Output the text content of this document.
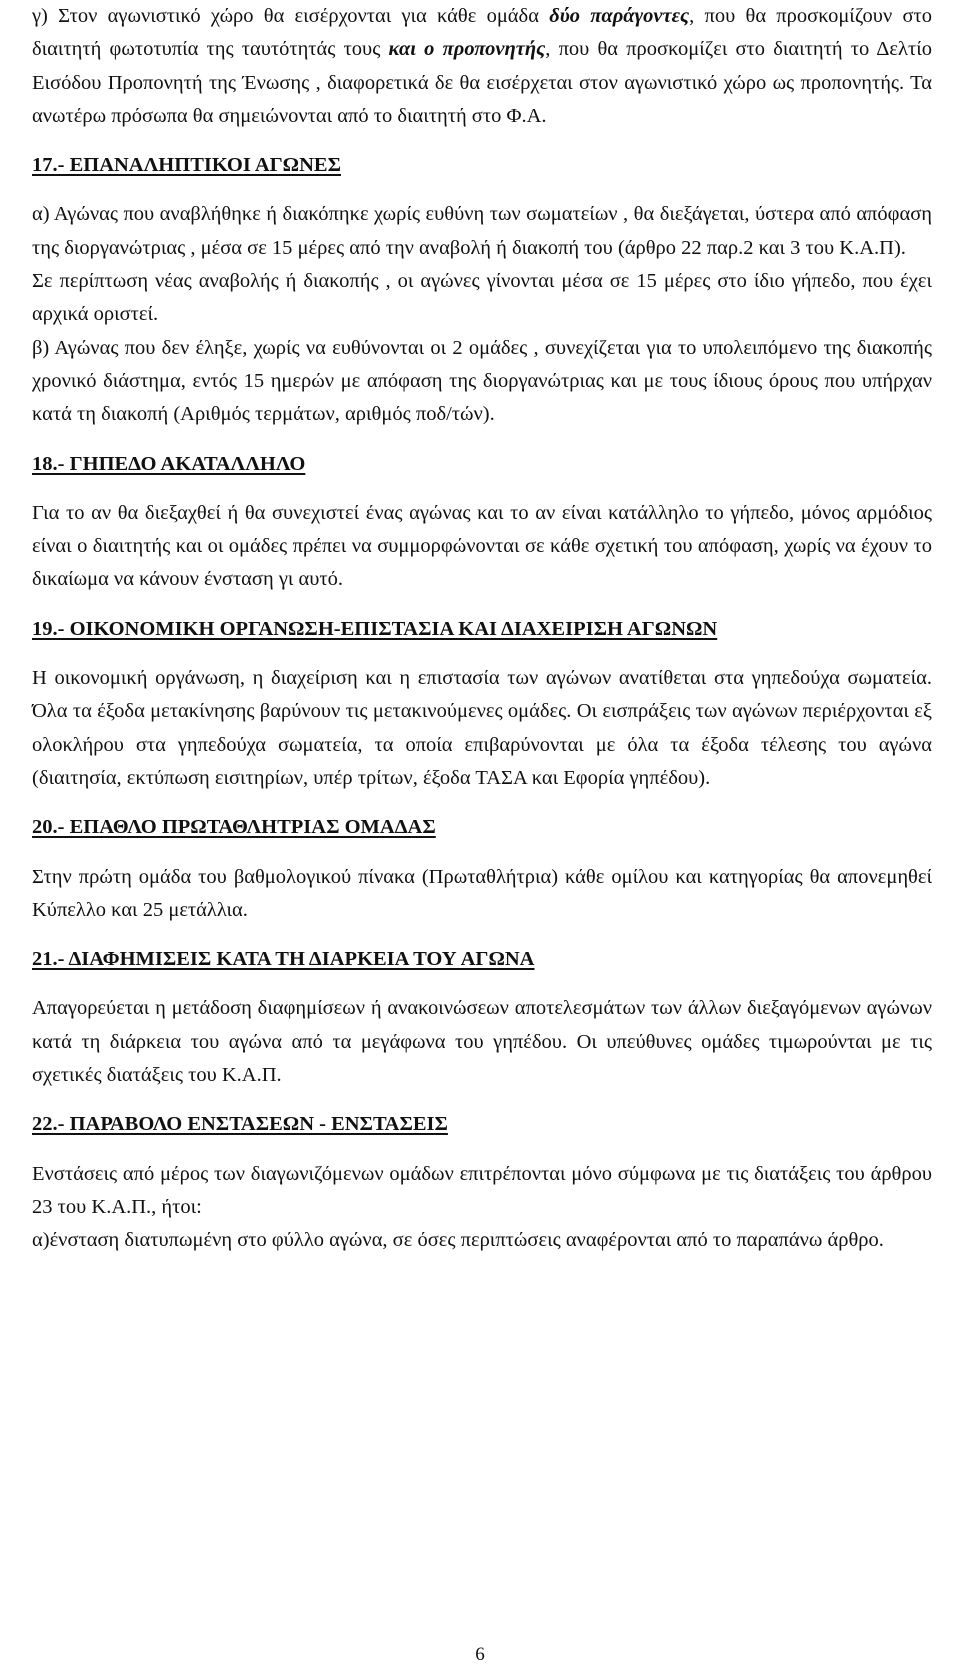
γ) Στον αγωνιστικό χώρο θα εισέρχονται για κάθε ομάδα δύο παράγοντες, που θα προσκομίζουν στο διαιτητή φωτοτυπία της ταυτότητάς τους και ο προπονητής, που θα προσκομίζει στο διαιτητή το Δελτίο Εισόδου Προπονητή της Ένωσης , διαφορετικά δε θα εισέρχεται στον αγωνιστικό χώρο ως προπονητής. Τα ανωτέρω πρόσωπα θα σημειώνονται από το διαιτητή στο Φ.Α.

17.- ΕΠΑΝΑΛΗΠΤΙΚΟΙ ΑΓΩΝΕΣ

α) Αγώνας που αναβλήθηκε ή διακόπηκε χωρίς ευθύνη των σωματείων , θα διεξάγεται, ύστερα από απόφαση της διοργανώτριας , μέσα σε 15 μέρες από την αναβολή ή διακοπή του (άρθρο 22 παρ.2 και 3 του Κ.Α.Π).

Σε περίπτωση νέας αναβολής ή διακοπής , οι αγώνες γίνονται μέσα σε 15 μέρες στο ίδιο γήπεδο, που έχει αρχικά οριστεί.

β) Αγώνας που δεν έληξε, χωρίς να ευθύνονται οι 2 ομάδες , συνεχίζεται για το υπολειπόμενο της διακοπής χρονικό διάστημα, εντός 15 ημερών με απόφαση της διοργανώτριας και με τους ίδιους όρους που υπήρχαν κατά τη διακοπή (Αριθμός τερμάτων, αριθμός ποδ/τών).

18.- ΓΗΠΕΔΟ ΑΚΑΤΑΛΛΗΛΟ

Για το αν θα διεξαχθεί ή θα συνεχιστεί ένας αγώνας και το αν είναι κατάλληλο το γήπεδο, μόνος αρμόδιος είναι ο διαιτητής και οι ομάδες πρέπει να συμμορφώνονται σε κάθε σχετική του απόφαση, χωρίς να έχουν το δικαίωμα να κάνουν ένσταση γι αυτό.

19.- ΟΙΚΟΝΟΜΙΚΗ ΟΡΓΑΝΩΣΗ-ΕΠΙΣΤΑΣΙΑ ΚΑΙ ΔΙΑΧΕΙΡΙΣΗ ΑΓΩΝΩΝ

Η οικονομική οργάνωση, η διαχείριση και η επιστασία των αγώνων ανατίθεται στα γηπεδούχα σωματεία. Όλα τα έξοδα μετακίνησης βαρύνουν τις μετακινούμενες ομάδες. Οι εισπράξεις των αγώνων περιέρχονται εξ ολοκλήρου στα γηπεδούχα σωματεία, τα οποία επιβαρύνονται με όλα τα έξοδα τέλεσης του αγώνα (διαιτησία, εκτύπωση εισιτηρίων, υπέρ τρίτων, έξοδα ΤΑΣΑ και Εφορία γηπέδου).

20.- ΕΠΑΘΛΟ ΠΡΩΤΑΘΛΗΤΡΙΑΣ ΟΜΑΔΑΣ

Στην πρώτη ομάδα του βαθμολογικού πίνακα (Πρωταθλήτρια) κάθε ομίλου και κατηγορίας θα απονεμηθεί Κύπελλο και 25 μετάλλια.

21.- ΔΙΑΦΗΜΙΣΕΙΣ ΚΑΤΑ ΤΗ ΔΙΑΡΚΕΙΑ ΤΟΥ ΑΓΩΝΑ

Απαγορεύεται η μετάδοση διαφημίσεων ή ανακοινώσεων αποτελεσμάτων των άλλων διεξαγόμενων αγώνων κατά τη διάρκεια του αγώνα από τα μεγάφωνα του γηπέδου. Οι υπεύθυνες ομάδες τιμωρούνται με τις σχετικές διατάξεις του Κ.Α.Π.

22.- ΠΑΡΑΒΟΛΟ ΕΝΣΤΑΣΕΩΝ - ΕΝΣΤΑΣΕΙΣ

Ενστάσεις από μέρος των διαγωνιζόμενων ομάδων επιτρέπονται μόνο σύμφωνα με τις διατάξεις του άρθρου 23 του Κ.Α.Π., ήτοι:

α)ένσταση διατυπωμένη στο φύλλο αγώνα, σε όσες περιπτώσεις αναφέρονται από το παραπάνω άρθρο.

6
